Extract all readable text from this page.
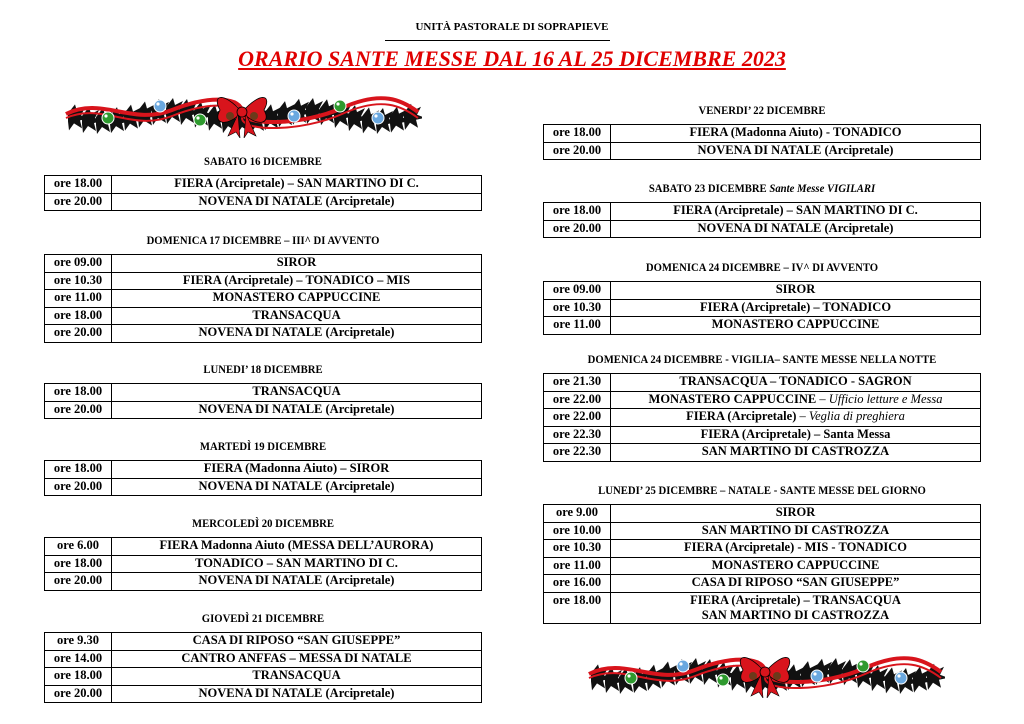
UNITÀ PASTORALE DI SOPRAPIEVE
ORARIO SANTE MESSE DAL 16 AL 25 DICEMBRE 2023
SABATO 16 DICEMBRE
ore 18.00	FIERA (Arcipretale) – SAN MARTINO DI C.
ore 20.00	NOVENA DI NATALE (Arcipretale)
DOMENICA 17 DICEMBRE – III^ DI AVVENTO
ore 09.00	SIROR
ore 10.30	FIERA (Arcipretale) – TONADICO – MIS
ore 11.00	MONASTERO CAPPUCCINE
ore 18.00	TRANSACQUA
ore 20.00	NOVENA DI NATALE (Arcipretale)
LUNEDI’ 18 DICEMBRE
ore 18.00	TRANSACQUA
ore 20.00	NOVENA DI NATALE (Arcipretale)
MARTEDÌ 19 DICEMBRE
ore 18.00	FIERA (Madonna Aiuto) – SIROR
ore 20.00	NOVENA DI NATALE (Arcipretale)
MERCOLEDÌ 20 DICEMBRE
ore 6.00	FIERA Madonna Aiuto (MESSA DELL’AURORA)
ore 18.00	TONADICO – SAN MARTINO DI C.
ore 20.00	NOVENA DI NATALE (Arcipretale)
GIOVEDÌ 21 DICEMBRE
ore 9.30	CASA DI RIPOSO “SAN GIUSEPPE”
ore 14.00	CANTRO ANFFAS – MESSA DI NATALE
ore 18.00	TRANSACQUA
ore 20.00	NOVENA DI NATALE (Arcipretale)
VENERDI’ 22 DICEMBRE
ore 18.00	FIERA (Madonna Aiuto) - TONADICO
ore 20.00	NOVENA DI NATALE (Arcipretale)
SABATO 23 DICEMBRE Sante Messe VIGILARI
ore 18.00	FIERA (Arcipretale) – SAN MARTINO DI C.
ore 20.00	NOVENA DI NATALE (Arcipretale)
DOMENICA 24 DICEMBRE – IV^ DI AVVENTO
ore 09.00	SIROR
ore 10.30	FIERA (Arcipretale) – TONADICO
ore 11.00	MONASTERO CAPPUCCINE
DOMENICA 24 DICEMBRE - VIGILIA– SANTE MESSE NELLA NOTTE
ore 21.30	TRANSACQUA – TONADICO - SAGRON
ore 22.00	MONASTERO CAPPUCCINE – Ufficio letture e Messa
ore 22.00	FIERA (Arcipretale) – Veglia di preghiera
ore 22.30	FIERA (Arcipretale) – Santa Messa
ore 22.30	SAN MARTINO DI CASTROZZA
LUNEDI’ 25 DICEMBRE – NATALE - SANTE MESSE DEL GIORNO
ore 9.00	SIROR
ore 10.00	SAN MARTINO DI CASTROZZA
ore 10.30	FIERA (Arcipretale) - MIS - TONADICO
ore 11.00	MONASTERO CAPPUCCINE
ore 16.00	CASA DI RIPOSO “SAN GIUSEPPE”
ore 18.00	FIERA (Arcipretale) – TRANSACQUA
SAN MARTINO DI CASTROZZA
